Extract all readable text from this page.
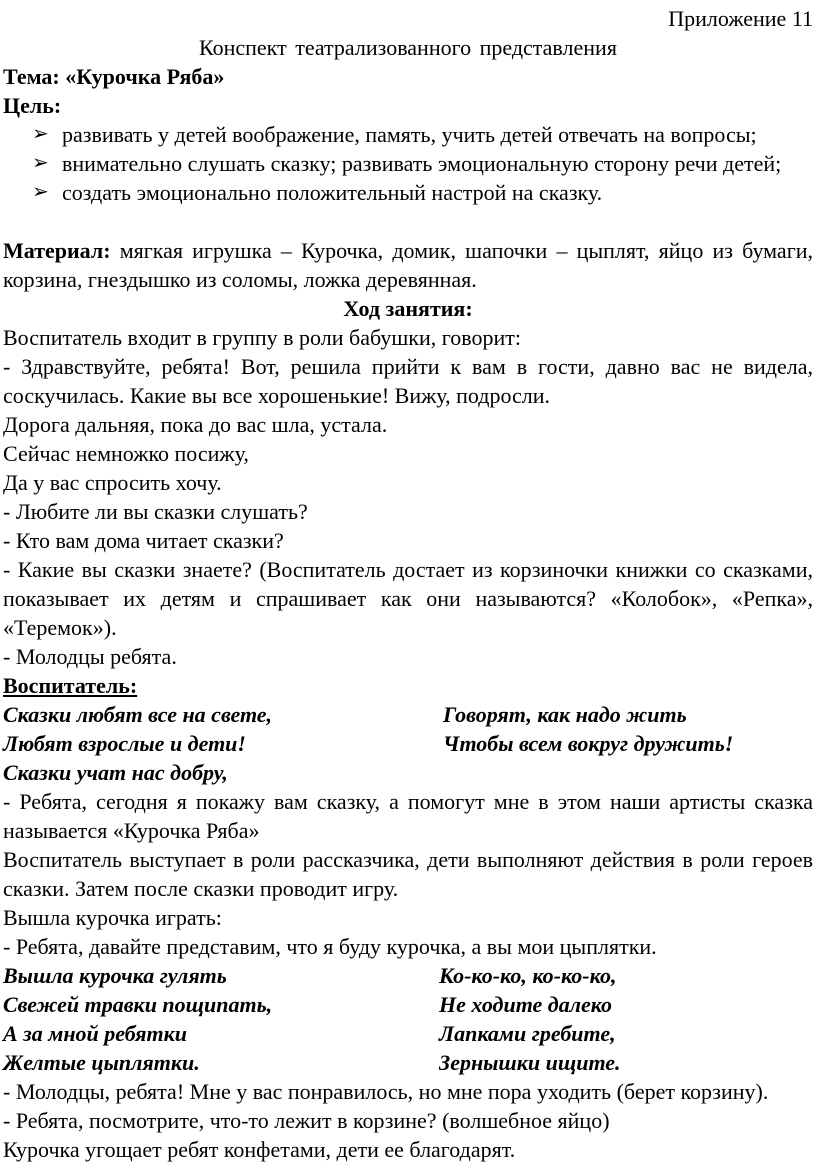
Приложение 11
Конспект театрализованного представления

Тема: «Курочка Ряба»

Цель:

➢ развивать у детей воображение, память, учить детей отвечать на вопросы;
➢ внимательно слушать сказку; развивать эмоциональную сторону речи детей;
➢ создать эмоционально положительный настрой на сказку.

Материал: мягкая игрушка – Курочка, домик, шапочки – цыплят, яйцо из бумаги, корзина, гнездышко из соломы, ложка деревянная.

Ход занятия:

Воспитатель входит в группу в роли бабушки, говорит:

- Здравствуйте, ребята! Вот, решила прийти к вам в гости, давно вас не видела, соскучилась. Какие вы все хорошенькие! Вижу, подросли.

Дорога дальняя, пока до вас шла, устала.

Сейчас немножко посижу,

Да у вас спросить хочу.

- Любите ли вы сказки слушать?

- Кто вам дома читает сказки?

- Какие вы сказки знаете? (Воспитатель достает из корзиночки книжки со сказками, показывает их детям и спрашивает как они называются? «Колобок», «Репка», «Теремок»).

- Молодцы ребята.

Воспитатель:

Сказки любят все на свете,
Любят взрослые и дети!
Сказки учат нас добру,
Говорят, как надо жить
Чтобы всем вокруг дружить!

- Ребята, сегодня я покажу вам сказку, а помогут мне в этом наши артисты сказка называется «Курочка Ряба»

Воспитатель выступает в роли рассказчика, дети выполняют действия в роли героев сказки. Затем после сказки проводит игру.

Вышла курочка играть:

- Ребята, давайте представим, что я буду курочка, а вы мои цыплятки.

Вышла курочка гулять
Свежей травки пощипать,
А за мной ребятки
Желтые цыплятки.
Ко-ко-ко, ко-ко-ко,
Не ходите далеко
Лапками гребите,
Зернышки ищите.

- Молодцы, ребята! Мне у вас понравилось, но мне пора уходить (берет корзину).

- Ребята, посмотрите, что-то лежит в корзине? (волшебное яйцо)

Курочка угощает ребят конфетами, дети ее благодарят.
